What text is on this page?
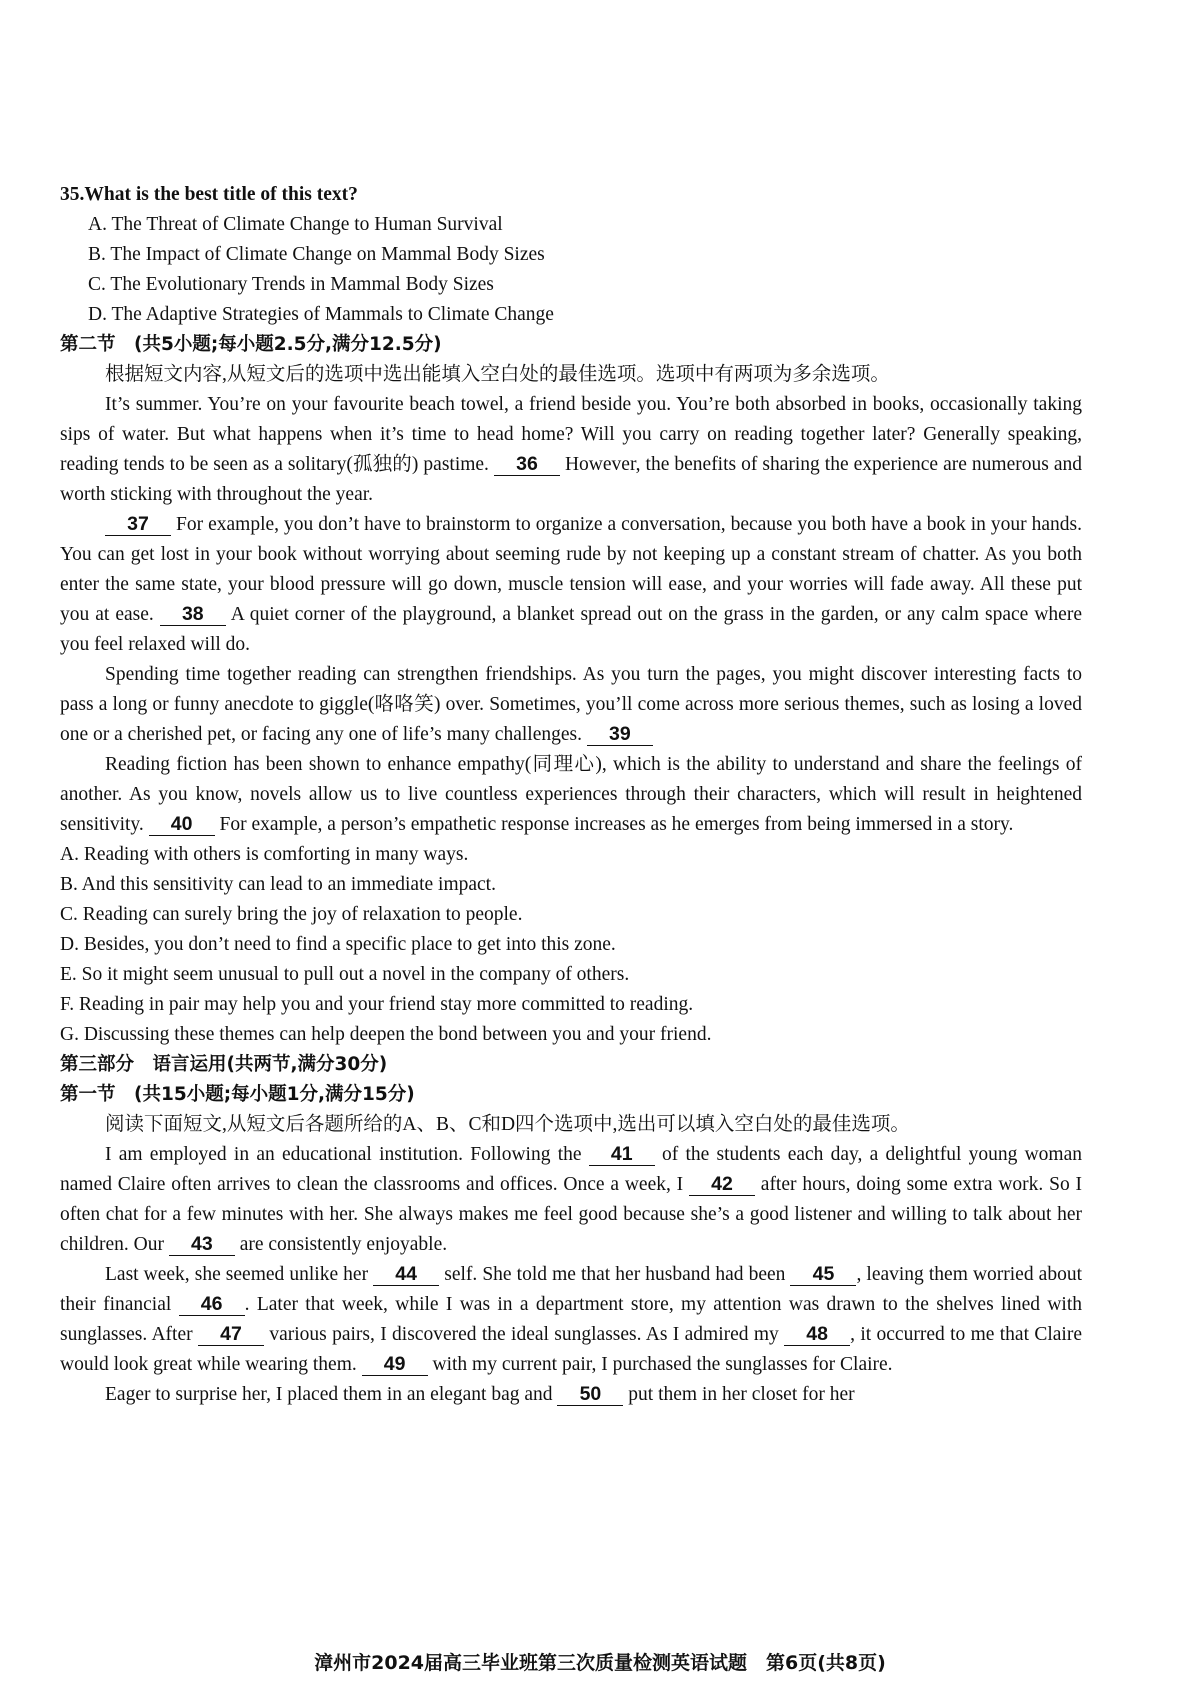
35.What is the best title of this text?

A. The Threat of Climate Change to Human Survival

B. The Impact of Climate Change on Mammal Body Sizes

C. The Evolutionary Trends in Mammal Body Sizes

D. The Adaptive Strategies of Mammals to Climate Change

第二节　(共5小题;每小题2.5分,满分12.5分)

根据短文内容,从短文后的选项中选出能填入空白处的最佳选项。选项中有两项为多余选项。

It’s summer. You’re on your favourite beach towel, a friend beside you. You’re both absorbed in books, occasionally taking sips of water. But what happens when it’s time to head home? Will you carry on reading together later? Generally speaking, reading tends to be seen as a solitary(孤独的) pastime. 36 However, the benefits of sharing the experience are numerous and worth sticking with throughout the year.

37 For example, you don’t have to brainstorm to organize a conversation, because you both have a book in your hands. You can get lost in your book without worrying about seeming rude by not keeping up a constant stream of chatter. As you both enter the same state, your blood pressure will go down, muscle tension will ease, and your worries will fade away. All these put you at ease. 38 A quiet corner of the playground, a blanket spread out on the grass in the garden, or any calm space where you feel relaxed will do.

Spending time together reading can strengthen friendships. As you turn the pages, you might discover interesting facts to pass a long or funny anecdote to giggle(咯咯笑) over. Sometimes, you’ll come across more serious themes, such as losing a loved one or a cherished pet, or facing any one of life’s many challenges. 39

Reading fiction has been shown to enhance empathy(同理心), which is the ability to understand and share the feelings of another. As you know, novels allow us to live countless experiences through their characters, which will result in heightened sensitivity. 40 For example, a person’s empathetic response increases as he emerges from being immersed in a story.

A. Reading with others is comforting in many ways.

B. And this sensitivity can lead to an immediate impact.

C. Reading can surely bring the joy of relaxation to people.

D. Besides, you don’t need to find a specific place to get into this zone.

E. So it might seem unusual to pull out a novel in the company of others.

F. Reading in pair may help you and your friend stay more committed to reading.

G. Discussing these themes can help deepen the bond between you and your friend.

第三部分　语言运用(共两节,满分30分)

第一节　(共15小题;每小题1分,满分15分)

阅读下面短文,从短文后各题所给的A、B、C和D四个选项中,选出可以填入空白处的最佳选项。

I am employed in an educational institution. Following the 41 of the students each day, a delightful young woman named Claire often arrives to clean the classrooms and offices. Once a week, I 42 after hours, doing some extra work. So I often chat for a few minutes with her. She always makes me feel good because she’s a good listener and willing to talk about her children. Our 43 are consistently enjoyable.

Last week, she seemed unlike her 44 self. She told me that her husband had been 45 , leaving them worried about their financial 46 . Later that week, while I was in a department store, my attention was drawn to the shelves lined with sunglasses. After 47 various pairs, I discovered the ideal sunglasses. As I admired my 48 , it occurred to me that Claire would look great while wearing them. 49 with my current pair, I purchased the sunglasses for Claire.

Eager to surprise her, I placed them in an elegant bag and 50 put them in her closet for her

漳州市2024届高三毕业班第三次质量检测英语试题　第6页(共8页)
